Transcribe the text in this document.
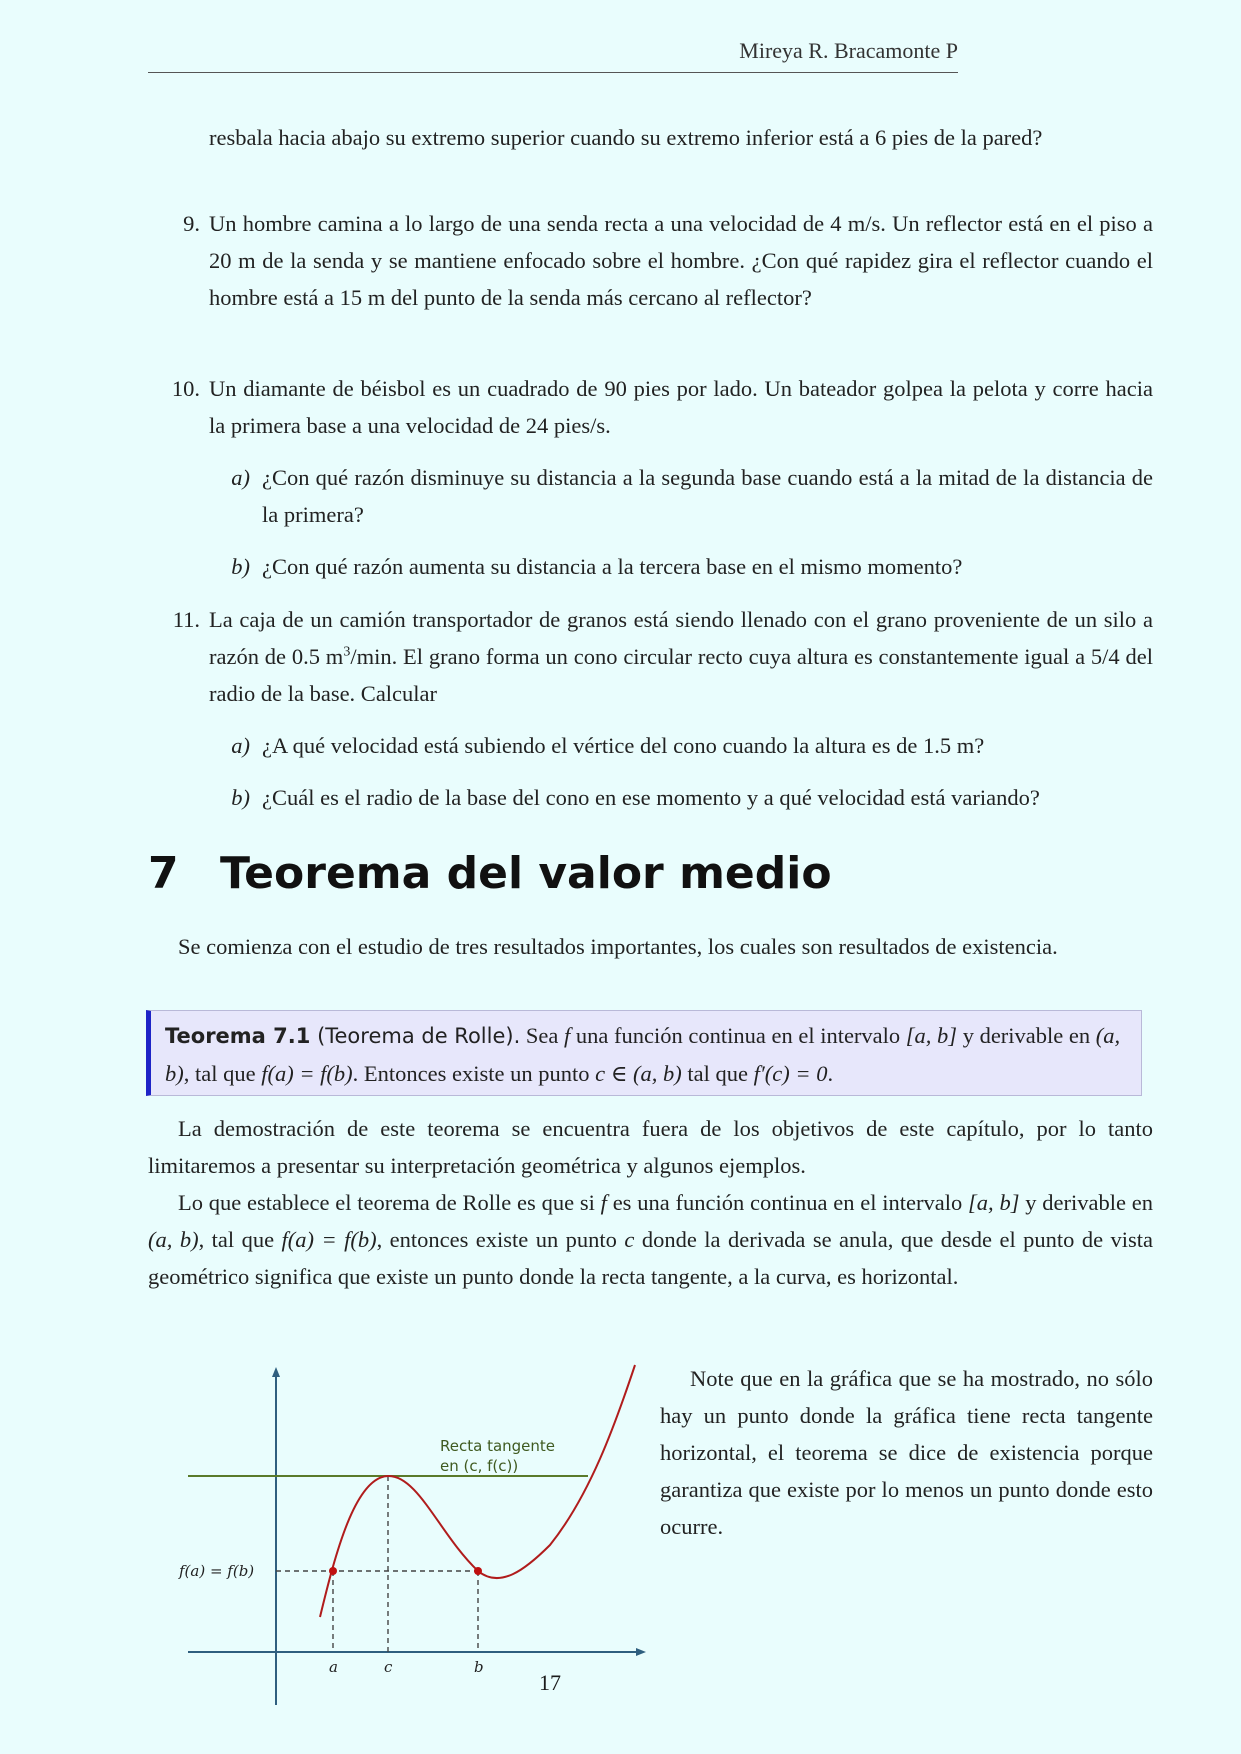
Mireya R. Bracamonte P
resbala hacia abajo su extremo superior cuando su extremo inferior está a 6 pies de la pared?
9. Un hombre camina a lo largo de una senda recta a una velocidad de 4 m/s. Un reflector está en el piso a 20 m de la senda y se mantiene enfocado sobre el hombre. ¿Con qué rapidez gira el reflector cuando el hombre está a 15 m del punto de la senda más cercano al reflector?
10. Un diamante de béisbol es un cuadrado de 90 pies por lado. Un bateador golpea la pelota y corre hacia la primera base a una velocidad de 24 pies/s.
a) ¿Con qué razón disminuye su distancia a la segunda base cuando está a la mitad de la distancia de la primera?
b) ¿Con qué razón aumenta su distancia a la tercera base en el mismo momento?
11. La caja de un camión transportador de granos está siendo llenado con el grano proveniente de un silo a razón de 0.5 $m^3/\min$. El grano forma un cono circular recto cuya altura es constantemente igual a 5/4 del radio de la base. Calcular
a) ¿A qué velocidad está subiendo el vértice del cono cuando la altura es de 1.5 m?
b) ¿Cuál es el radio de la base del cono en ese momento y a qué velocidad está variando?
7 Teorema del valor medio
Se comienza con el estudio de tres resultados importantes, los cuales son resultados de existencia.
Teorema 7.1 (Teorema de Rolle). Sea f una función continua en el intervalo [a, b] y derivable en (a, b), tal que f(a) = f(b). Entonces existe un punto c ∈ (a, b) tal que f′(c) = 0.
La demostración de este teorema se encuentra fuera de los objetivos de este capítulo, por lo tanto limitaremos a presentar su interpretación geométrica y algunos ejemplos.
Lo que establece el teorema de Rolle es que si f es una función continua en el intervalo [a, b] y derivable en (a, b), tal que f(a) = f(b), entonces existe un punto c donde la derivada se anula, que desde el punto de vista geométrico significa que existe un punto donde la recta tangente, a la curva, es horizontal.
Recta tangente
en (c, f(c))
f(a) = f(b)
a	c	b
Note que en la gráfica que se ha mostrado, no sólo hay un punto donde la gráfica tiene recta tangente horizontal, el teorema se dice de existencia porque garantiza que existe por lo menos un punto donde esto ocurre.
17
